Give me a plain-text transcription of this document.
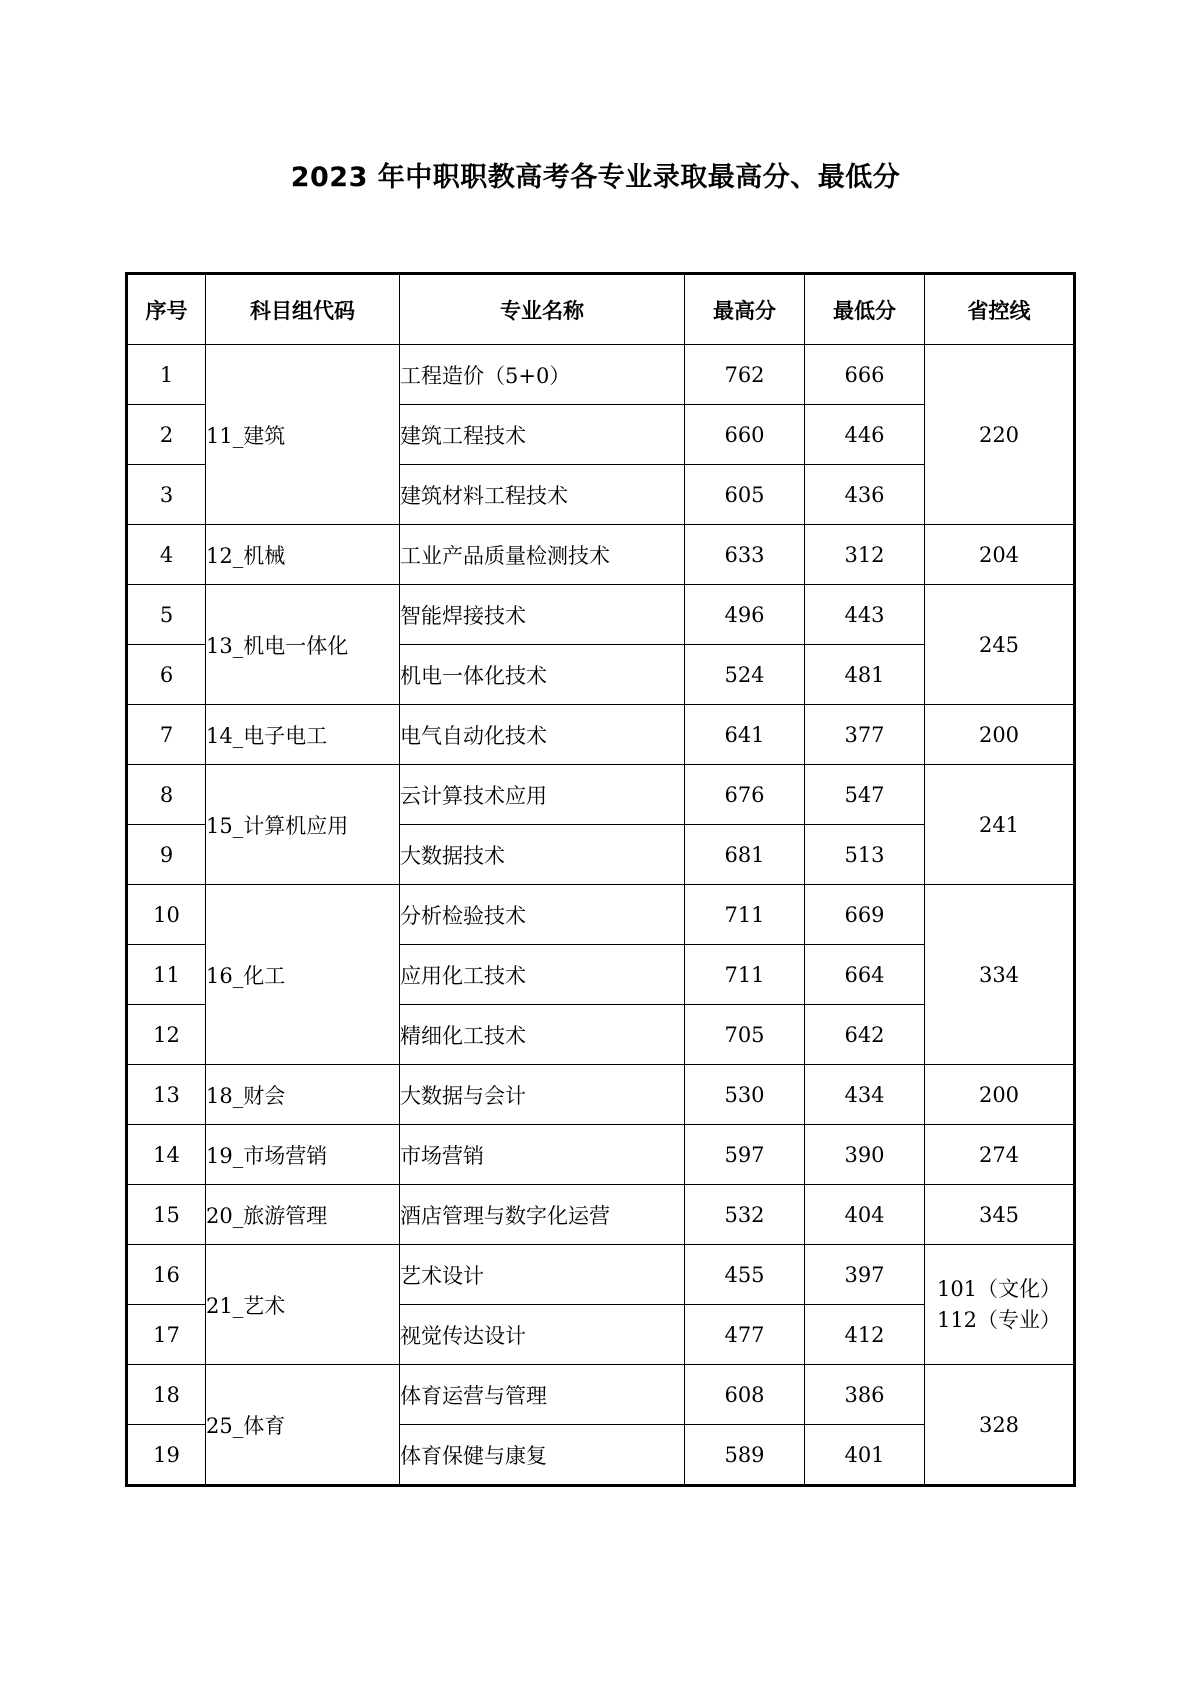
2023 年中职职教高考各专业录取最高分、最低分
序号	科目组代码	专业名称	最高分	最低分	省控线
1	11_建筑	工程造价（5+0）	762	666	220
2		建筑工程技术	660	446	
3		建筑材料工程技术	605	436	
4	12_机械	工业产品质量检测技术	633	312	204
5	13_机电一体化	智能焊接技术	496	443	245
6		机电一体化技术	524	481	
7	14_电子电工	电气自动化技术	641	377	200
8	15_计算机应用	云计算技术应用	676	547	241
9		大数据技术	681	513	
10	16_化工	分析检验技术	711	669	334
11		应用化工技术	711	664	
12		精细化工技术	705	642	
13	18_财会	大数据与会计	530	434	200
14	19_市场营销	市场营销	597	390	274
15	20_旅游管理	酒店管理与数字化运营	532	404	345
16	21_艺术	艺术设计	455	397	101（文化）
112（专业）

17		视觉传达设计	477	412	
18	25_体育	体育运营与管理	608	386	328
19		体育保健与康复	589	401	
